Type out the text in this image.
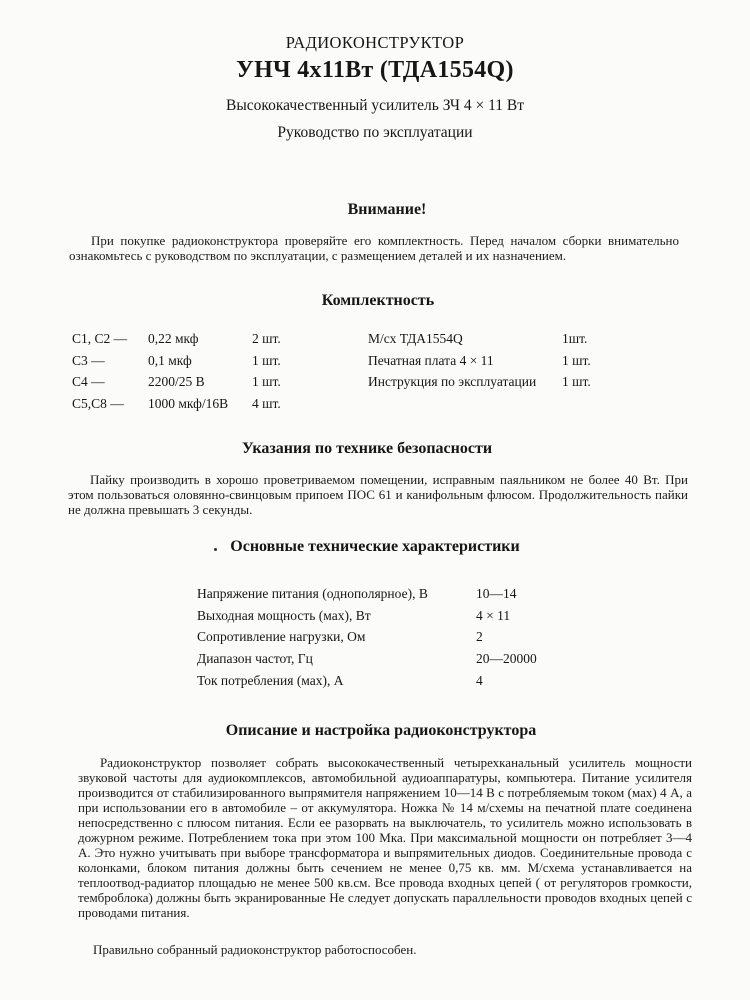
РАДИОКОНСТРУКТОР
УНЧ 4х11Вт (ТДА1554Q)
Высококачественный усилитель ЗЧ 4 × 11 Вт
Руководство по эксплуатации
Внимание!

При покупке радиоконструктора проверяйте его комплектность. Перед началом сборки внимательно ознакомьтесь с руководством по эксплуатации, с размещением деталей и их назначением.

Комплектность
С1, С2 — 0,22 мкф	2 шт.
С3 —	0,1 мкф	1 шт.
С4 —	2200/25 В	1 шт.
С5,С8 — 1000 мкф/16В 4 шт.
М/сх ТДА1554Q	1шт.
Печатная плата 4 × 11	1 шт.
Инструкция по эксплуатации 1 шт.
Указания по технике безопасности

Пайку производить в хорошо проветриваемом помещении, исправным паяльником не более 40 Вт. При этом пользоваться оловянно-свинцовым припоем ПОС 61 и канифольным флюсом. Продолжительность пайки не должна превышать 3 секунды.

Основные технические характеристики
Напряжение питания (однополярное), В	10—14
Выходная мощность (мах), Вт	4 × 11
Сопротивление нагрузки, Ом	2
Диапазон частот, Гц	20—20000
Ток потребления (мах), А	4
Описание и настройка радиоконструктора

Радиоконструктор позволяет собрать высококачественный четырехканальный усилитель мощности звуковой частоты для аудиокомплексов, автомобильной аудиоаппаратуры, компьютера. Питание усилителя производится от стабилизированного выпрямителя напряжением 10—14 В с потребляемым током (мах) 4 А, а при использовании его в автомобиле – от аккумулятора. Ножка № 14 м/схемы на печатной плате соединена непосредственно с плюсом питания. Если ее разорвать на выключатель, то усилитель можно использовать в дожурном режиме. Потреблением тока при этом 100 Мка. При максимальной мощности он потребляет 3—4 А. Это нужно учитывать при выборе трансформатора и выпрямительных диодов. Соединительные провода с колонками, блоком питания должны быть сечением не менее 0,75 кв. мм. М/схема устанавливается на теплоотвод-радиатор площадью не менее 500 кв.см. Все провода входных цепей ( от регуляторов громкости, темброблока) должны быть экранированные Не следует допускать параллельности проводов входных цепей с проводами питания.

Правильно собранный радиоконструктор работоспособен.
